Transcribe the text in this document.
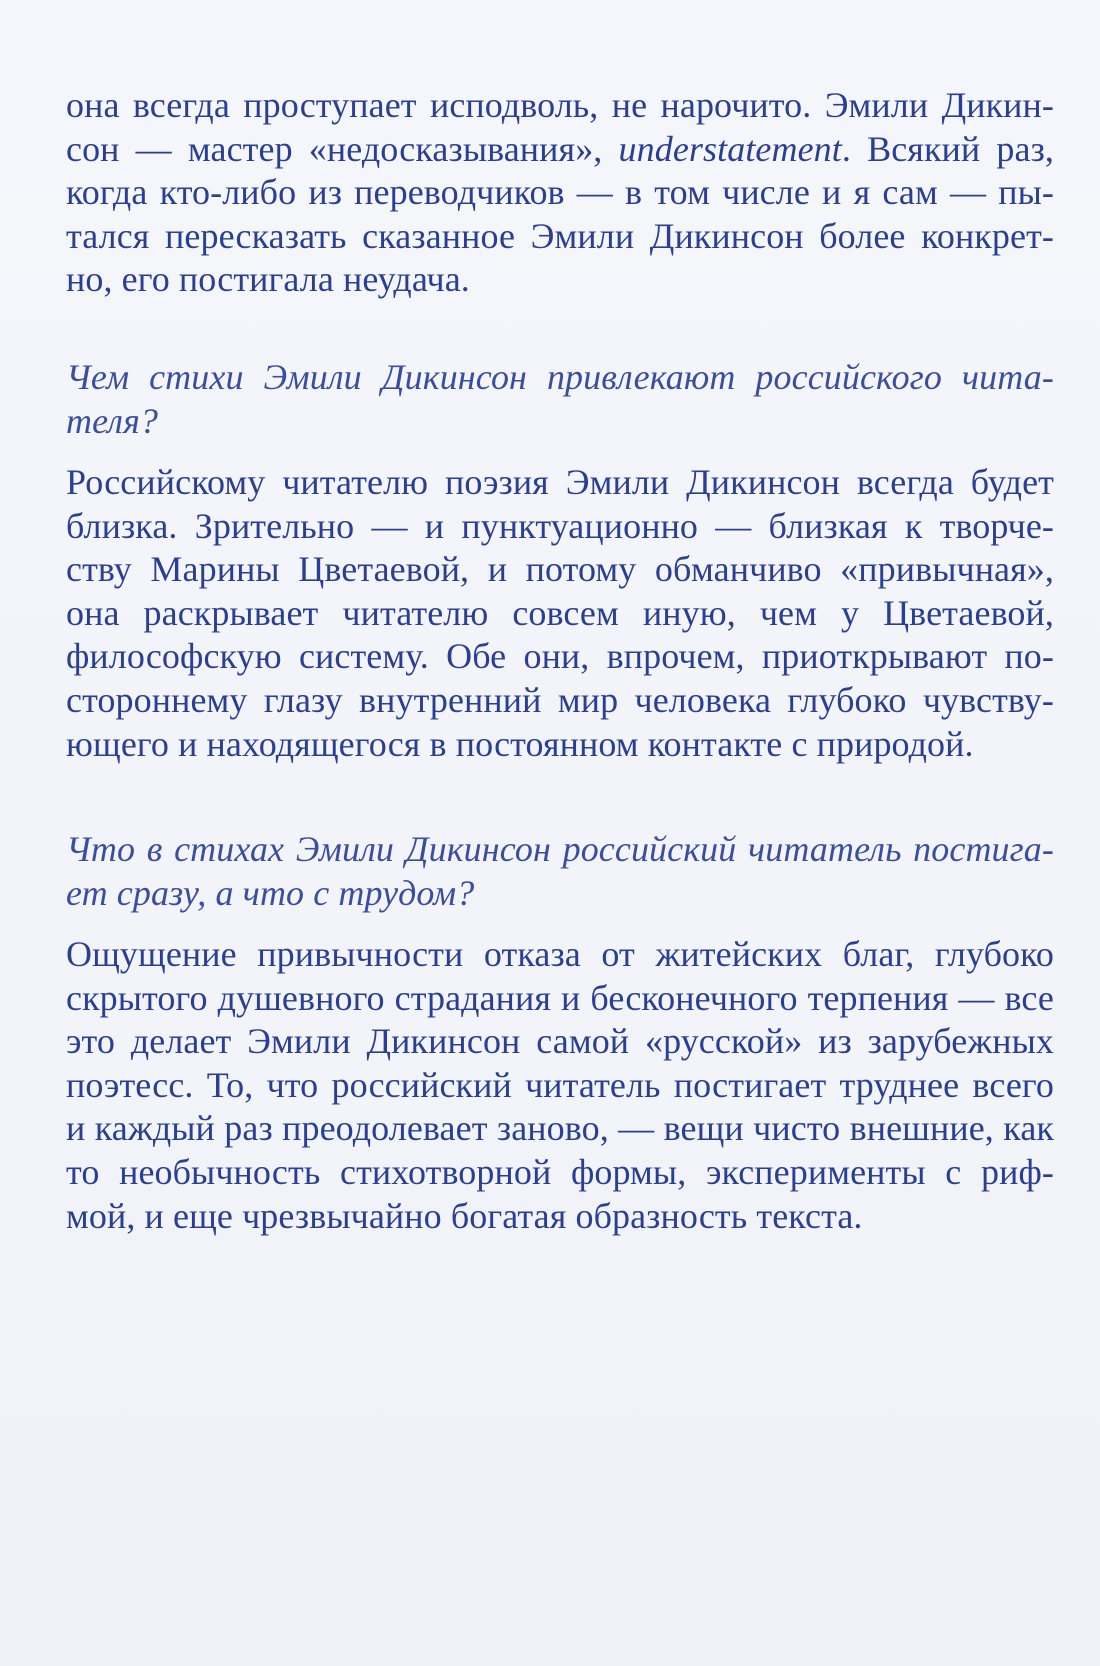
она всегда проступает исподволь, не нарочито. Эмили Дикин-
сон — мастер «недосказывания», understatement. Всякий раз,
когда кто-либо из переводчиков — в том числе и я сам — пы-
тался пересказать сказанное Эмили Дикинсон более конкрет-
но, его постигала неудача.
Чем стихи Эмили Дикинсон привлекают российского чита-
теля?
Российскому читателю поэзия Эмили Дикинсон всегда будет
близка. Зрительно — и пунктуационно — близкая к творче-
ству Марины Цветаевой, и потому обманчиво «привычная»,
она раскрывает читателю совсем иную, чем у Цветаевой,
философскую систему. Обе они, впрочем, приоткрывают по-
стороннему глазу внутренний мир человека глубоко чувству-
ющего и находящегося в постоянном контакте с природой.
Что в стихах Эмили Дикинсон российский читатель постига-
ет сразу, а что с трудом?
Ощущение привычности отказа от житейских благ, глубоко
скрытого душевного страдания и бесконечного терпения — все
это делает Эмили Дикинсон самой «русской» из зарубежных
поэтесс. То, что российский читатель постигает труднее всего
и каждый раз преодолевает заново, — вещи чисто внешние, как
то необычность стихотворной формы, эксперименты с риф-
мой, и еще чрезвычайно богатая образность текста.
